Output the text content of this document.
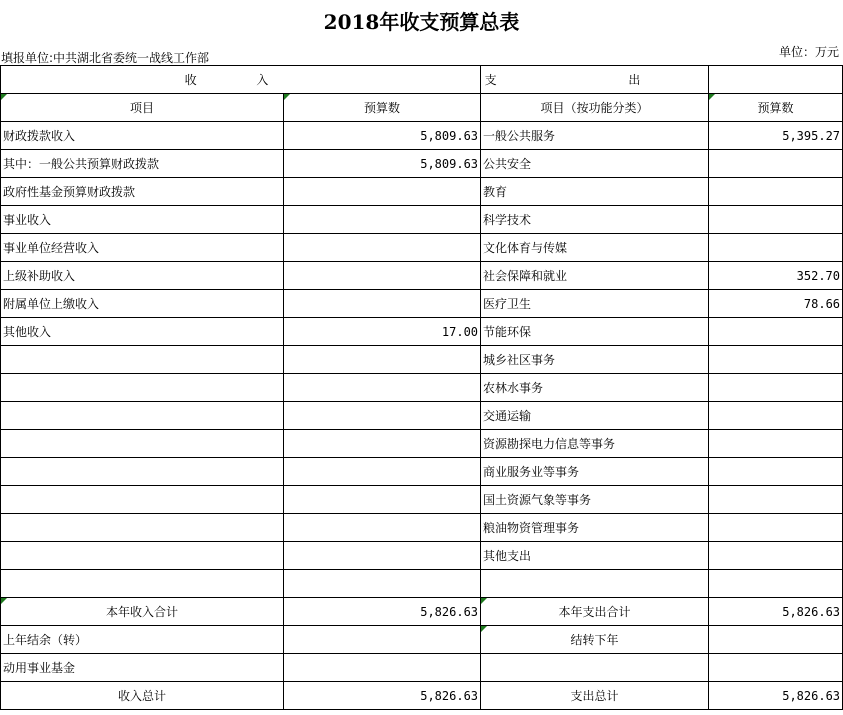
2018年收支预算总表
填报单位:中共湖北省委统一战线工作部	单位：万元
收 入		支 出	

项目	预算数	项目（按功能分类）	预算数
财政拨款收入	5,809.63	一般公共服务	5,395.27
其中：一般公共预算财政拨款	5,809.63	公共安全	
政府性基金预算财政拨款		教育	
事业收入		科学技术	
事业单位经营收入		文化体育与传媒	
上级补助收入		社会保障和就业	352.70
附属单位上缴收入		医疗卫生	78.66
其他收入	17.00	节能环保	
		城乡社区事务	
		农林水事务	
		交通运输	
		资源勘探电力信息等事务	
		商业服务业等事务	
		国土资源气象等事务	
		粮油物资管理事务	
		其他支出	

本年收入合计	5,826.63	本年支出合计	5,826.63
上年结余（转）		结转下年	
动用事业基金			
收入总计	5,826.63	支出总计	5,826.63
